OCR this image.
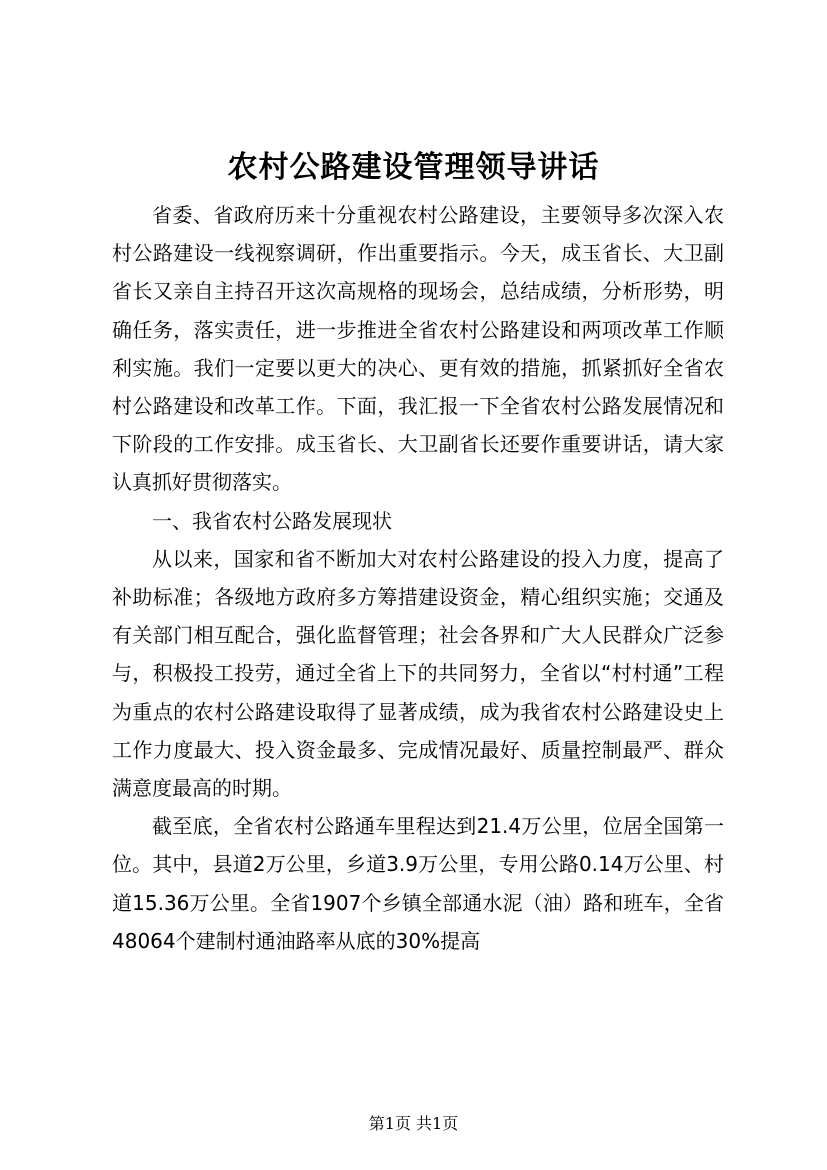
农村公路建设管理领导讲话

省委、省政府历来十分重视农村公路建设，主要领导多次深入农村公路建设一线视察调研，作出重要指示。今天，成玉省长、大卫副省长又亲自主持召开这次高规格的现场会，总结成绩，分析形势，明确任务，落实责任，进一步推进全省农村公路建设和两项改革工作顺利实施。我们一定要以更大的决心、更有效的措施，抓紧抓好全省农村公路建设和改革工作。下面，我汇报一下全省农村公路发展情况和下阶段的工作安排。成玉省长、大卫副省长还要作重要讲话，请大家认真抓好贯彻落实。

一、我省农村公路发展现状

从以来，国家和省不断加大对农村公路建设的投入力度，提高了补助标准；各级地方政府多方筹措建设资金，精心组织实施；交通及有关部门相互配合，强化监督管理；社会各界和广大人民群众广泛参与，积极投工投劳，通过全省上下的共同努力，全省以“村村通”工程为重点的农村公路建设取得了显著成绩，成为我省农村公路建设史上工作力度最大、投入资金最多、完成情况最好、质量控制最严、群众满意度最高的时期。

截至底，全省农村公路通车里程达到21.4万公里，位居全国第一位。其中，县道2万公里，乡道3.9万公里，专用公路0.14万公里、村道15.36万公里。全省1907个乡镇全部通水泥（油）路和班车，全省48064个建制村通油路率从底的30%提高

第1页 共1页
